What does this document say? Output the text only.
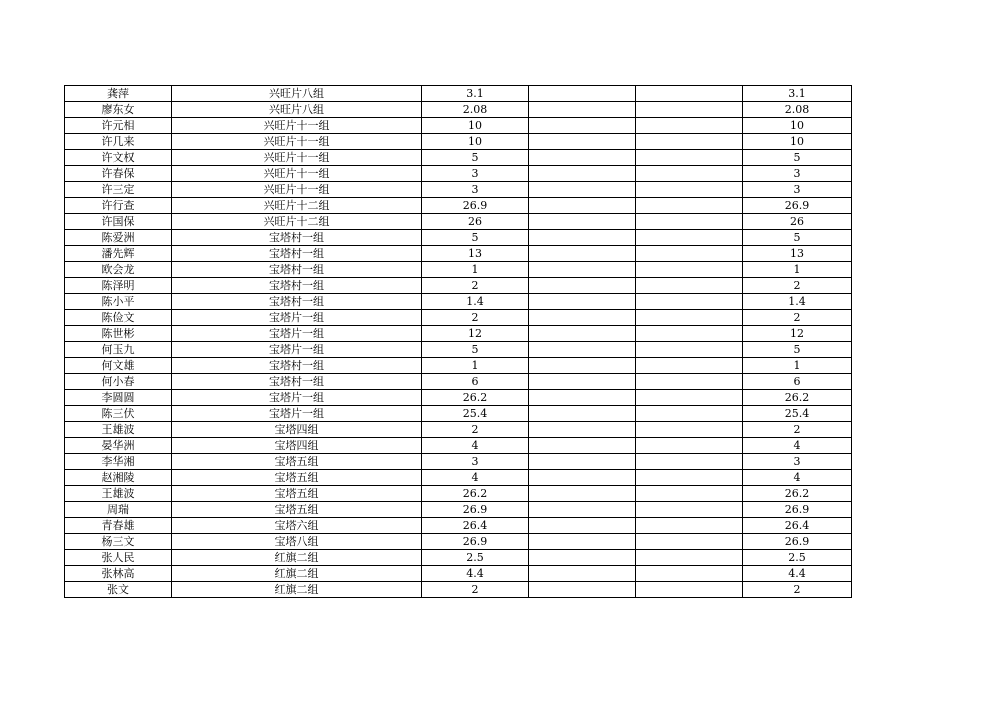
龚萍	兴旺片八组	3.1			3.1
廖东女	兴旺片八组	2.08			2.08
许元相	兴旺片十一组	10			10
许几来	兴旺片十一组	10			10
许文权	兴旺片十一组	5			5
许春保	兴旺片十一组	3			3
许三定	兴旺片十一组	3			3
许行查	兴旺片十二组	26.9			26.9
许国保	兴旺片十二组	26			26
陈爱洲	宝塔村一组	5			5
潘先辉	宝塔村一组	13			13
欧会龙	宝塔村一组	1			1
陈泽明	宝塔村一组	2			2
陈小平	宝塔村一组	1.4			1.4
陈俭文	宝塔片一组	2			2
陈世彬	宝塔片一组	12			12
何玉九	宝塔片一组	5			5
何文雄	宝塔村一组	1			1
何小春	宝塔村一组	6			6
李圆圆	宝塔片一组	26.2			26.2
陈三伏	宝塔片一组	25.4			25.4
王雄波	宝塔四组	2			2
晏华洲	宝塔四组	4			4
李华湘	宝塔五组	3			3
赵湘陵	宝塔五组	4			4
王雄波	宝塔五组	26.2			26.2
周瑞	宝塔五组	26.9			26.9
青春雄	宝塔六组	26.4			26.4
杨三文	宝塔八组	26.9			26.9
张人民	红旗二组	2.5			2.5
张林高	红旗二组	4.4			4.4
张文	红旗二组	2			2
